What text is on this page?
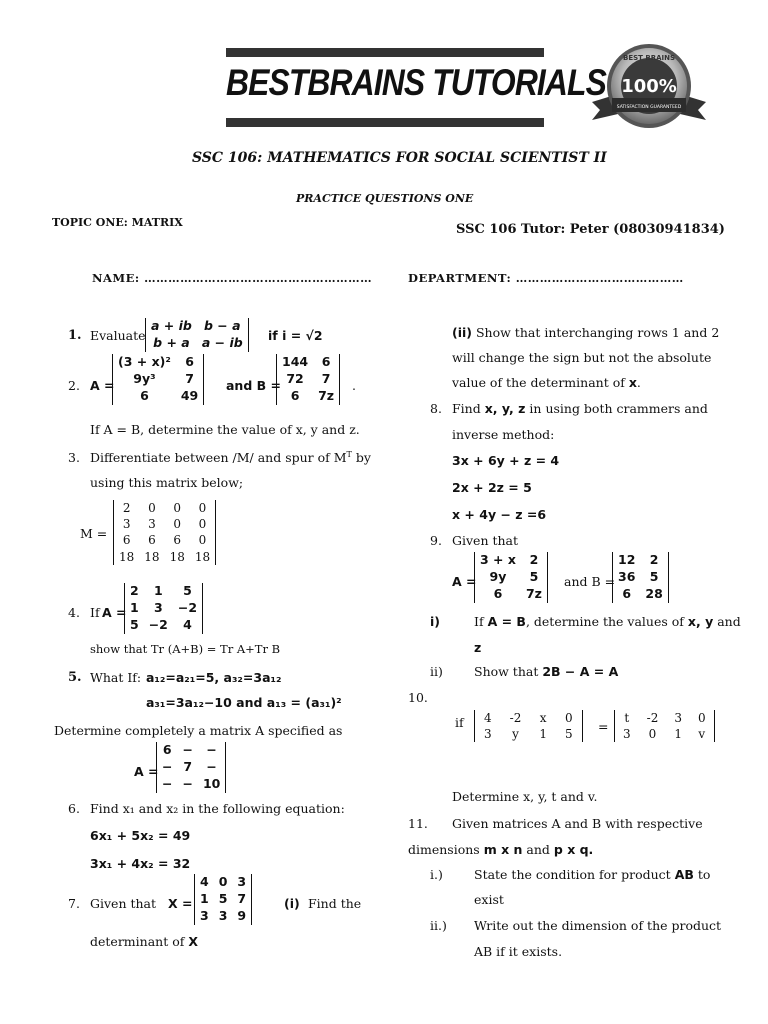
BESTBRAINS TUTORIALS
BEST BRAINS
100%
SATISFACTION GUARANTEED
SSC 106: MATHEMATICS FOR SOCIAL SCIENTIST II
PRACTICE QUESTIONS ONE
TOPIC ONE: MATRIX	SSC 106 Tutor: Peter (08030941834)
NAME: …………………………………………………	DEPARTMENT: ……………………………………
1. Evaluate
a + ib	b − a
b + a	a − ib if i = √2
2. A =
(3 + x)²	6
9y³	7
6	49
and B =
144	6
72	7
6	7z
.
If A = B, determine the value of x, y and z.
3. Differentiate between /M/ and spur of $M^T$ by
using this matrix below;
M =
2	0	0	0
3	3	0	0
6	6	6	0
18	18	18	18
4. If A =
2	1	5
1	3	−2
5	−2	4
show that Tr (A+B) = Tr A+Tr B
5. What If: a₁₂=a₂₁=5, a₃₂=3a₁₂
a₃₁=3a₁₂−10 and a₁₃ = (a₃₁)²
Determine completely a matrix A specified as
A =
6	−	−
−	7	−
−	−	10
6. Find x₁ and x₂ in the following equation:
6x₁ + 5x₂ = 49
3x₁ + 4x₂ = 32
7. Given that X =
4	0	3
1	5	7
3	3	9
(i) Find the
determinant of X
(ii) Show that interchanging rows 1 and 2
will change the sign but not the absolute
value of the determinant of x.
8. Find x, y, z in using both crammers and
inverse method:
3x + 6y + z = 4
2x + 2z = 5
x + 4y − z =6
9. Given that
A =
3 + x	2
9y	5
6	7z
and B =
12	2
36	5
6	28
i)	If A = B, determine the values of x, y and
z
ii) Show that 2B − A = A
10.
if 4	-2	x	0
3	y	1	5
=
t	-2	3	0
3	0	1	v
Determine x, y, t and v.
11. Given matrices A and B with respective
dimensions m x n and p x q.
i.) State the condition for product AB to
exist
ii.) Write out the dimension of the product
AB if it exists.
